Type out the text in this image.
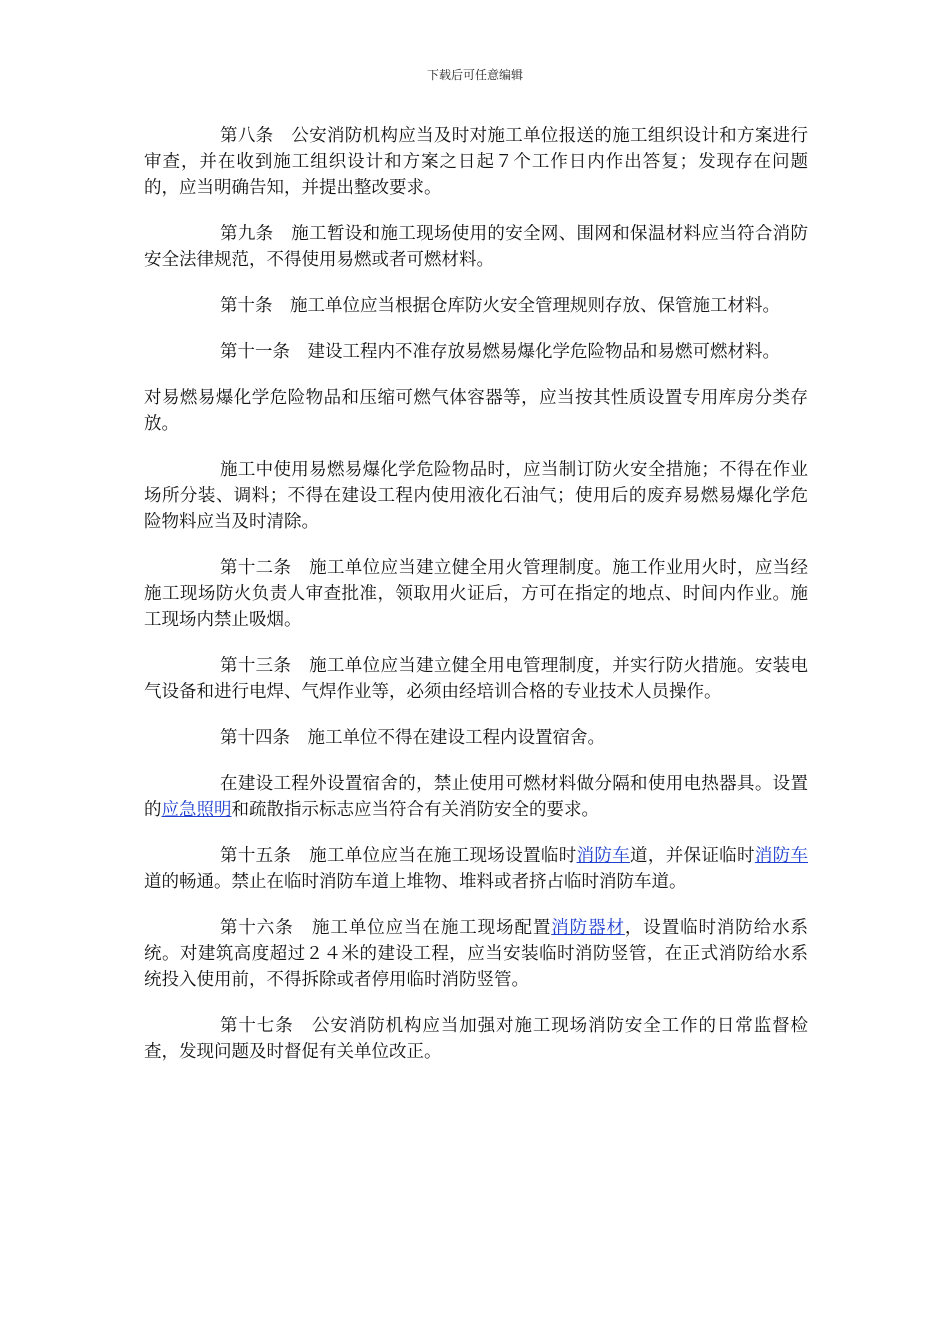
下载后可任意编辑

第八条　公安消防机构应当及时对施工单位报送的施工组织设计和方案进行审查，并在收到施工组织设计和方案之日起７个工作日内作出答复；发现存在问题的，应当明确告知，并提出整改要求。

第九条　施工暂设和施工现场使用的安全网、围网和保温材料应当符合消防安全法律规范，不得使用易燃或者可燃材料。

第十条　施工单位应当根据仓库防火安全管理规则存放、保管施工材料。

第十一条　建设工程内不准存放易燃易爆化学危险物品和易燃可燃材料。

对易燃易爆化学危险物品和压缩可燃气体容器等，应当按其性质设置专用库房分类存放。

施工中使用易燃易爆化学危险物品时，应当制订防火安全措施；不得在作业场所分装、调料；不得在建设工程内使用液化石油气；使用后的废弃易燃易爆化学危险物料应当及时清除。

第十二条　施工单位应当建立健全用火管理制度。施工作业用火时，应当经施工现场防火负责人审查批准，领取用火证后，方可在指定的地点、时间内作业。施工现场内禁止吸烟。

第十三条　施工单位应当建立健全用电管理制度，并实行防火措施。安装电气设备和进行电焊、气焊作业等，必须由经培训合格的专业技术人员操作。

第十四条　施工单位不得在建设工程内设置宿舍。

在建设工程外设置宿舍的，禁止使用可燃材料做分隔和使用电热器具。设置的应急照明和疏散指示标志应当符合有关消防安全的要求。

第十五条　施工单位应当在施工现场设置临时消防车道，并保证临时消防车道的畅通。禁止在临时消防车道上堆物、堆料或者挤占临时消防车道。

第十六条　施工单位应当在施工现场配置消防器材，设置临时消防给水系统。对建筑高度超过２４米的建设工程，应当安装临时消防竖管，在正式消防给水系统投入使用前，不得拆除或者停用临时消防竖管。

第十七条　公安消防机构应当加强对施工现场消防安全工作的日常监督检查，发现问题及时督促有关单位改正。
